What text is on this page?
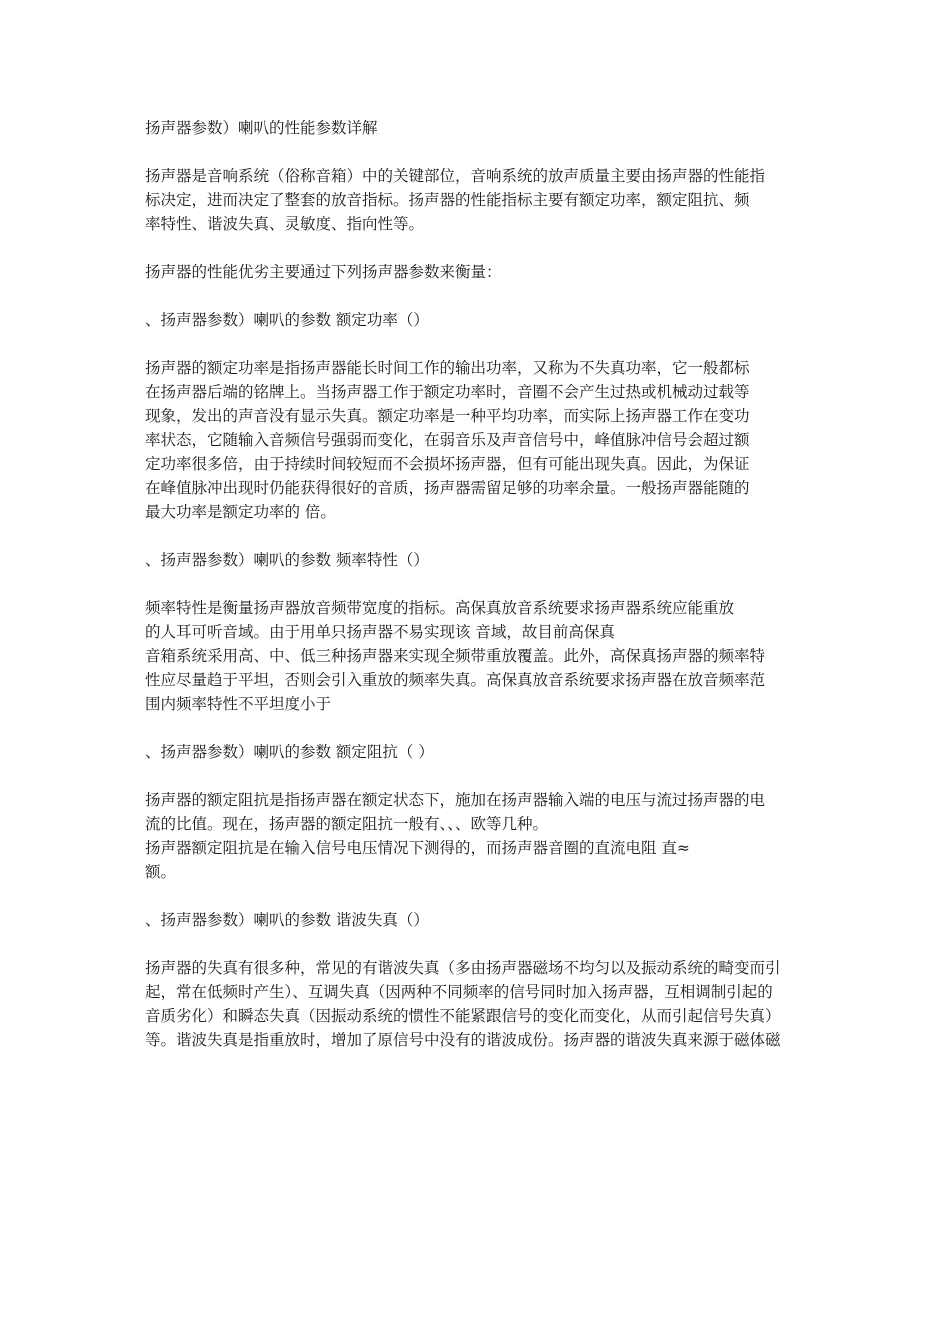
扬声器参数）喇叭的性能参数详解
扬声器是音响系统（俗称音箱）中的关键部位，音响系统的放声质量主要由扬声器的性能指
标决定，进而决定了整套的放音指标。扬声器的性能指标主要有额定功率，额定阻抗、频
率特性、谐波失真、灵敏度、指向性等。
扬声器的性能优劣主要通过下列扬声器参数来衡量：
、扬声器参数）喇叭的参数 额定功率（）
扬声器的额定功率是指扬声器能长时间工作的输出功率，又称为不失真功率，它一般都标
在扬声器后端的铭牌上。当扬声器工作于额定功率时，音圈不会产生过热或机械动过载等
现象，发出的声音没有显示失真。额定功率是一种平均功率，而实际上扬声器工作在变功
率状态，它随输入音频信号强弱而变化，在弱音乐及声音信号中，峰值脉冲信号会超过额
定功率很多倍，由于持续时间较短而不会损坏扬声器，但有可能出现失真。因此，为保证
在峰值脉冲出现时仍能获得很好的音质，扬声器需留足够的功率余量。一般扬声器能随的
最大功率是额定功率的 倍。
、扬声器参数）喇叭的参数 频率特性（）
频率特性是衡量扬声器放音频带宽度的指标。高保真放音系统要求扬声器系统应能重放
的人耳可听音域。由于用单只扬声器不易实现该 音域，故目前高保真
音箱系统采用高、中、低三种扬声器来实现全频带重放覆盖。此外，高保真扬声器的频率特
性应尽量趋于平坦，否则会引入重放的频率失真。高保真放音系统要求扬声器在放音频率范
围内频率特性不平坦度小于
、扬声器参数）喇叭的参数 额定阻抗（ ）
扬声器的额定阻抗是指扬声器在额定状态下，施加在扬声器输入端的电压与流过扬声器的电
流的比值。现在，扬声器的额定阻抗一般有、、、欧等几种。
扬声器额定阻抗是在输入信号电压情况下测得的，而扬声器音圈的直流电阻 直≈
额。
、扬声器参数）喇叭的参数 谐波失真（）
扬声器的失真有很多种，常见的有谐波失真（多由扬声器磁场不均匀以及振动系统的畸变而引
起，常在低频时产生）、互调失真（因两种不同频率的信号同时加入扬声器，互相调制引起的
音质劣化）和瞬态失真（因振动系统的惯性不能紧跟信号的变化而变化，从而引起信号失真）
等。谐波失真是指重放时，增加了原信号中没有的谐波成份。扬声器的谐波失真来源于磁体磁
